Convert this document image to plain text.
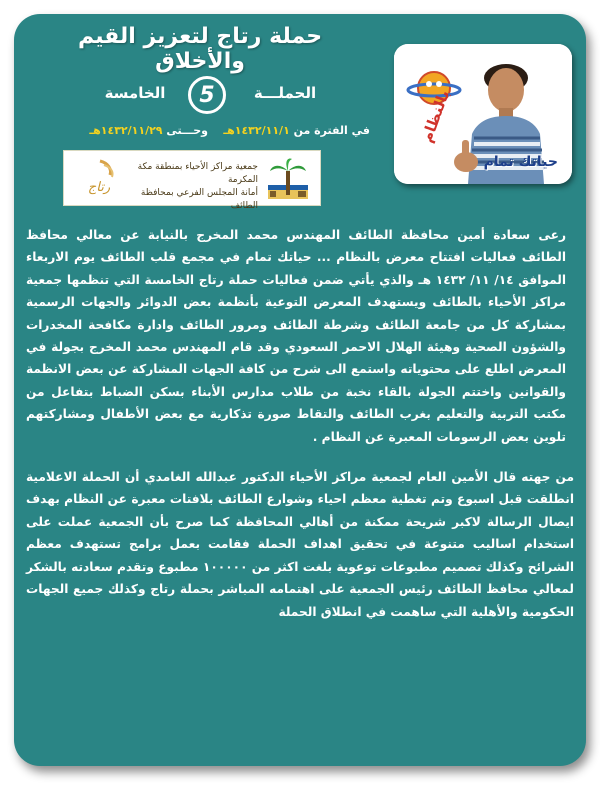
حملة رتاج لتعزيز القيم والأخلاق
الحملـــة
5
الخامسة
في الفترة من ١٤٣٢/١١/١هـ    وحـــتى ١٤٣٢/١١/٢٩هـ
رتاج
جمعية مراكز الأحياء بمنطقة مكة المكرمة
أمانة المجلس الفرعي بمحافظة الطائف
بالنظام
حياتك تمام

رعى سعادة أمين محافظة الطائف المهندس محمد المخرج بالنيابة عن معالي محافظ الطائف فعاليات افتتاح معرض بالنظام ... حياتك تمام في مجمع قلب الطائف يوم الاربعاء الموافق ١٤/ ١١/ ١٤٣٢ هـ والذي يأتي ضمن فعاليات حملة رتاج الخامسة التي تنظمها جمعية مراكز الأحياء بالطائف ويستهدف المعرض التوعية بأنظمة بعض الدوائر والجهات الرسمية بمشاركة كل من جامعة الطائف وشرطة الطائف ومرور الطائف وادارة مكافحة المخدرات والشؤون الصحية وهيئة الهلال الاحمر السعودي وقد قام المهندس محمد المخرج بجولة في المعرض اطلع على محتوياته واستمع الى شرح من كافة الجهات المشاركة عن بعض الانظمة والقوانين واختتم الجولة بالقاء نخبة من طلاب مدارس الأبناء بسكن الضباط بتفاعل من مكتب التربية والتعليم بغرب الطائف والتقاط صورة تذكارية مع بعض الأطفال ومشاركتهم تلوين بعض الرسومات المعبرة عن النظام .

من جهته قال الأمين العام لجمعية مراكز الأحياء الدكتور عبدالله الغامدي أن الحملة الاعلامية انطلقت قبل اسبوع وتم تغطية معظم احياء وشوارع الطائف بلافتات معبرة عن النظام بهدف ايصال الرسالة لاكبر شريحة ممكنة من أهالي المحافظة كما صرح بأن الجمعية عملت على استخدام اساليب متنوعة في تحقيق اهداف الحملة فقامت بعمل برامج تستهدف معظم الشرائح وكذلك تصميم مطبوعات توعوية بلغت اكثر من ١٠٠٠٠٠ مطبوع وتقدم سعادته بالشكر لمعالي محافظ الطائف رئيس الجمعية على اهتمامه المباشر بحملة رتاج وكذلك جميع الجهات الحكومية والأهلية التي ساهمت في انطلاق الحملة
